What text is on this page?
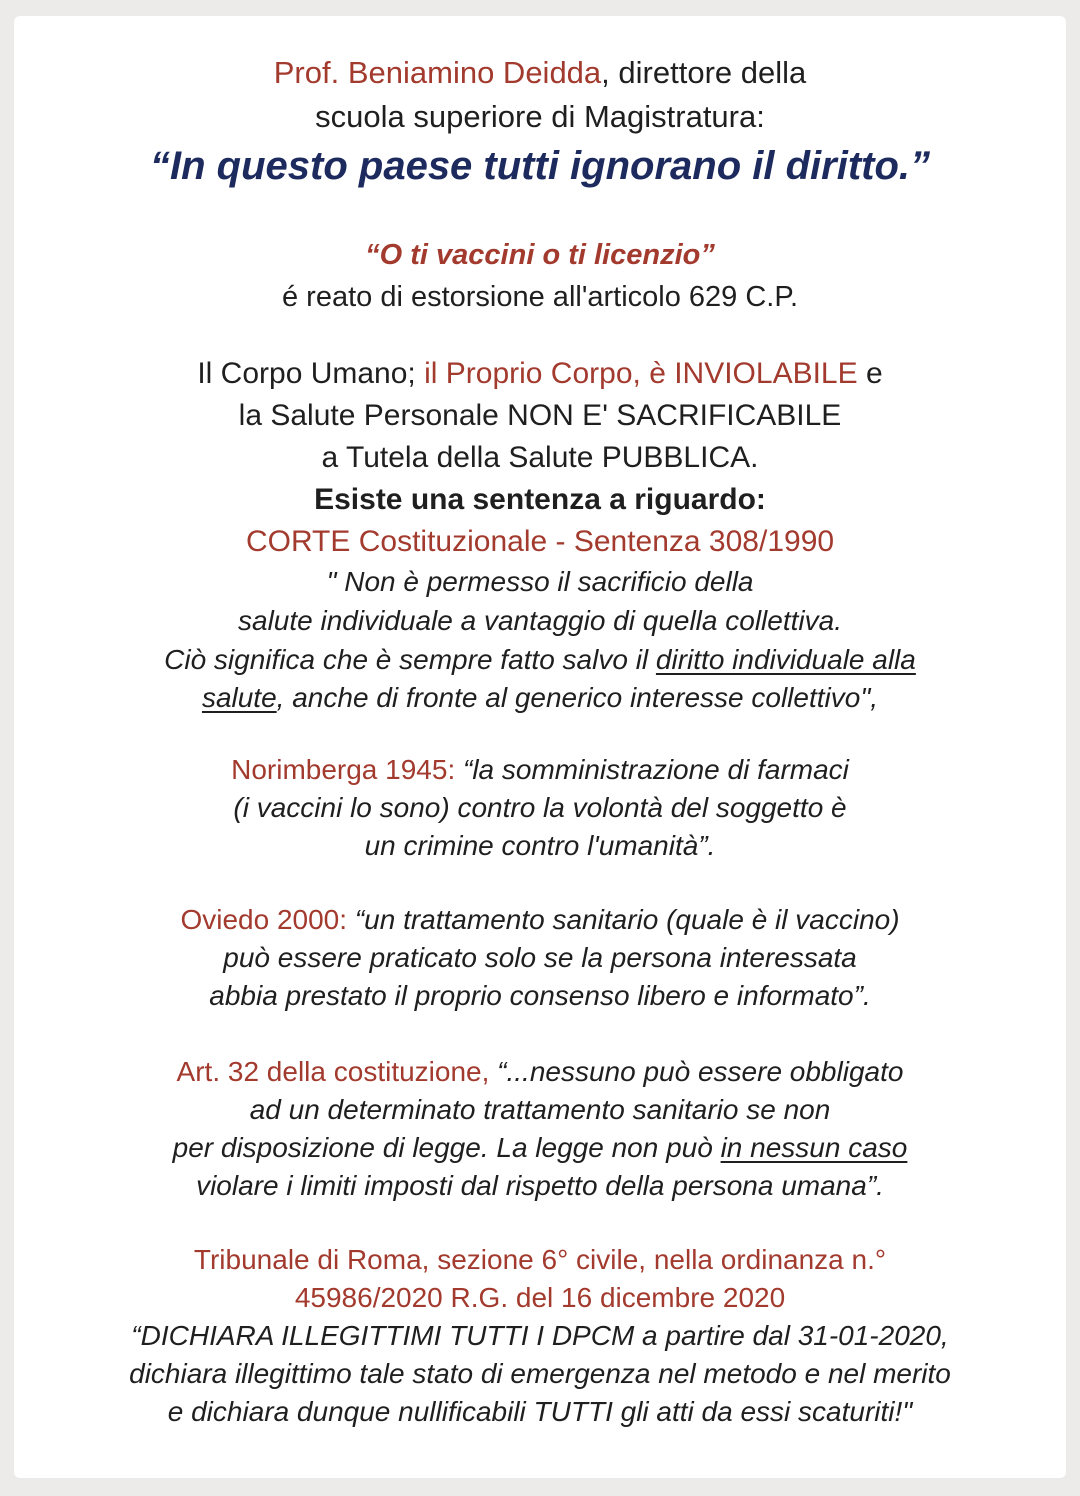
Prof. Beniamino Deidda, direttore della
scuola superiore di Magistratura:
“In questo paese tutti ignorano il diritto.”
“O ti vaccini o ti licenzio”
é reato di estorsione all'articolo 629 C.P.
Il Corpo Umano; il Proprio Corpo, è INVIOLABILE e
la Salute Personale NON E' SACRIFICABILE
a Tutela della Salute PUBBLICA.
Esiste una sentenza a riguardo:
CORTE Costituzionale - Sentenza 308/1990
" Non è permesso il sacrificio della
salute individuale a vantaggio di quella collettiva.
Ciò significa che è sempre fatto salvo il diritto individuale alla
salute, anche di fronte al generico interesse collettivo",
Norimberga 1945: “la somministrazione di farmaci
(i vaccini lo sono) contro la volontà del soggetto è
un crimine contro l'umanità”.
Oviedo 2000: “un trattamento sanitario (quale è il vaccino)
può essere praticato solo se la persona interessata
abbia prestato il proprio consenso libero e informato”.
Art. 32 della costituzione, “...nessuno può essere obbligato
ad un determinato trattamento sanitario se non
per disposizione di legge. La legge non può in nessun caso
violare i limiti imposti dal rispetto della persona umana”.
Tribunale di Roma, sezione 6° civile, nella ordinanza n.°
45986/2020 R.G. del 16 dicembre 2020
“DICHIARA ILLEGITTIMI TUTTI I DPCM a partire dal 31-01-2020,
dichiara illegittimo tale stato di emergenza nel metodo e nel merito
e dichiara dunque nullificabili TUTTI gli atti da essi scaturiti!"
